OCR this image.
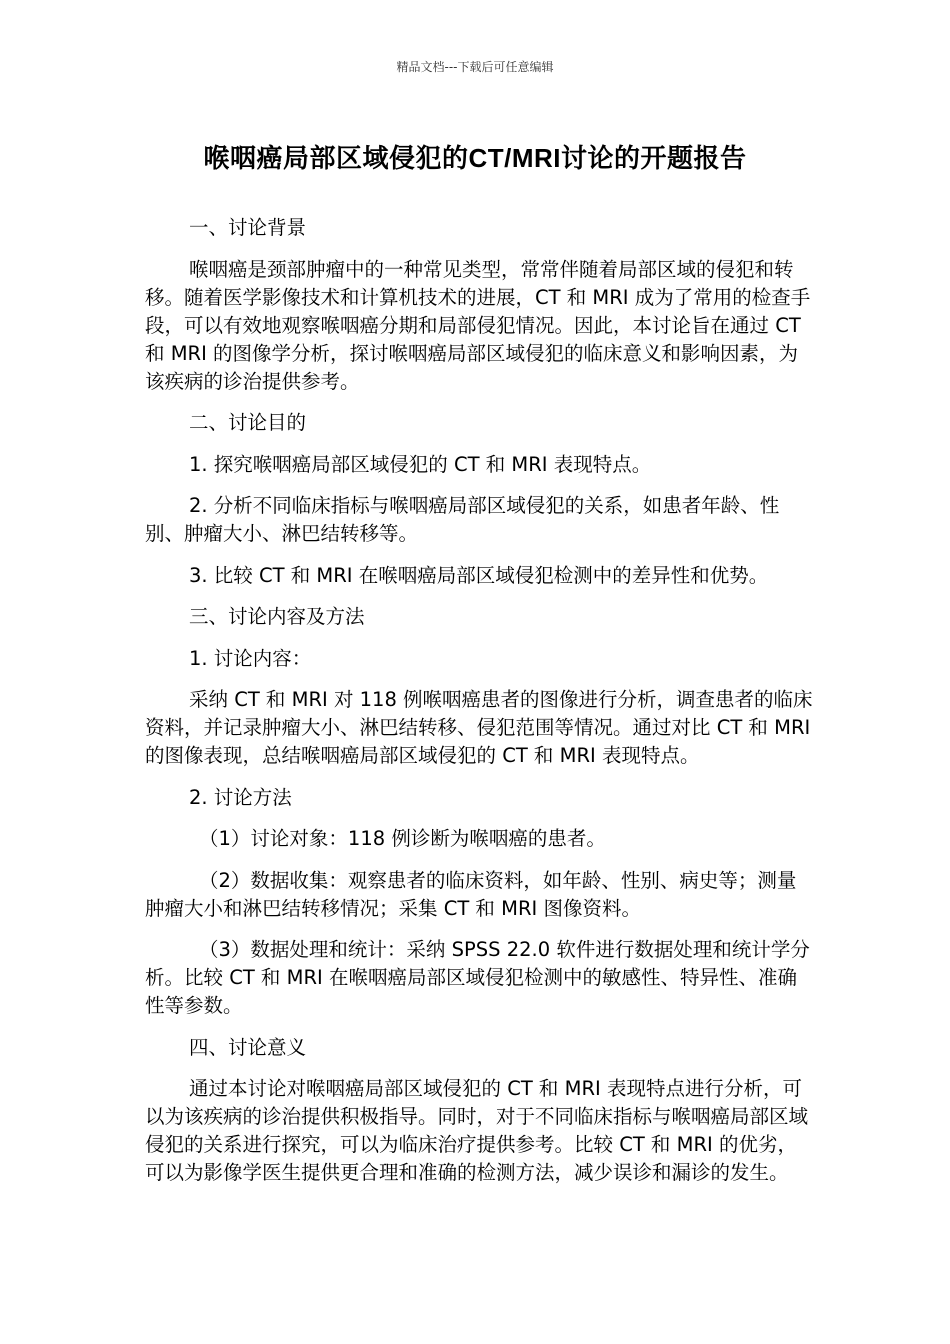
精品文档---下载后可任意编辑
喉咽癌局部区域侵犯的CT/MRI讨论的开题报告

一、讨论背景

喉咽癌是颈部肿瘤中的一种常见类型，常常伴随着局部区域的侵犯和转移。随着医学影像技术和计算机技术的进展，CT 和 MRI 成为了常用的检查手段，可以有效地观察喉咽癌分期和局部侵犯情况。因此，本讨论旨在通过 CT 和 MRI 的图像学分析，探讨喉咽癌局部区域侵犯的临床意义和影响因素，为该疾病的诊治提供参考。

二、讨论目的

1. 探究喉咽癌局部区域侵犯的 CT 和 MRI 表现特点。

2. 分析不同临床指标与喉咽癌局部区域侵犯的关系，如患者年龄、性别、肿瘤大小、淋巴结转移等。

3. 比较 CT 和 MRI 在喉咽癌局部区域侵犯检测中的差异性和优势。

三、讨论内容及方法

1. 讨论内容：

采纳 CT 和 MRI 对 118 例喉咽癌患者的图像进行分析，调查患者的临床资料，并记录肿瘤大小、淋巴结转移、侵犯范围等情况。通过对比 CT 和 MRI 的图像表现，总结喉咽癌局部区域侵犯的 CT 和 MRI 表现特点。

2. 讨论方法

（1）讨论对象：118 例诊断为喉咽癌的患者。

（2）数据收集：观察患者的临床资料，如年龄、性别、病史等；测量肿瘤大小和淋巴结转移情况；采集 CT 和 MRI 图像资料。

（3）数据处理和统计：采纳 SPSS 22.0 软件进行数据处理和统计学分析。比较 CT 和 MRI 在喉咽癌局部区域侵犯检测中的敏感性、特异性、准确性等参数。

四、讨论意义

通过本讨论对喉咽癌局部区域侵犯的 CT 和 MRI 表现特点进行分析，可以为该疾病的诊治提供积极指导。同时，对于不同临床指标与喉咽癌局部区域侵犯的关系进行探究，可以为临床治疗提供参考。比较 CT 和 MRI 的优劣，可以为影像学医生提供更合理和准确的检测方法，减少误诊和漏诊的发生。
